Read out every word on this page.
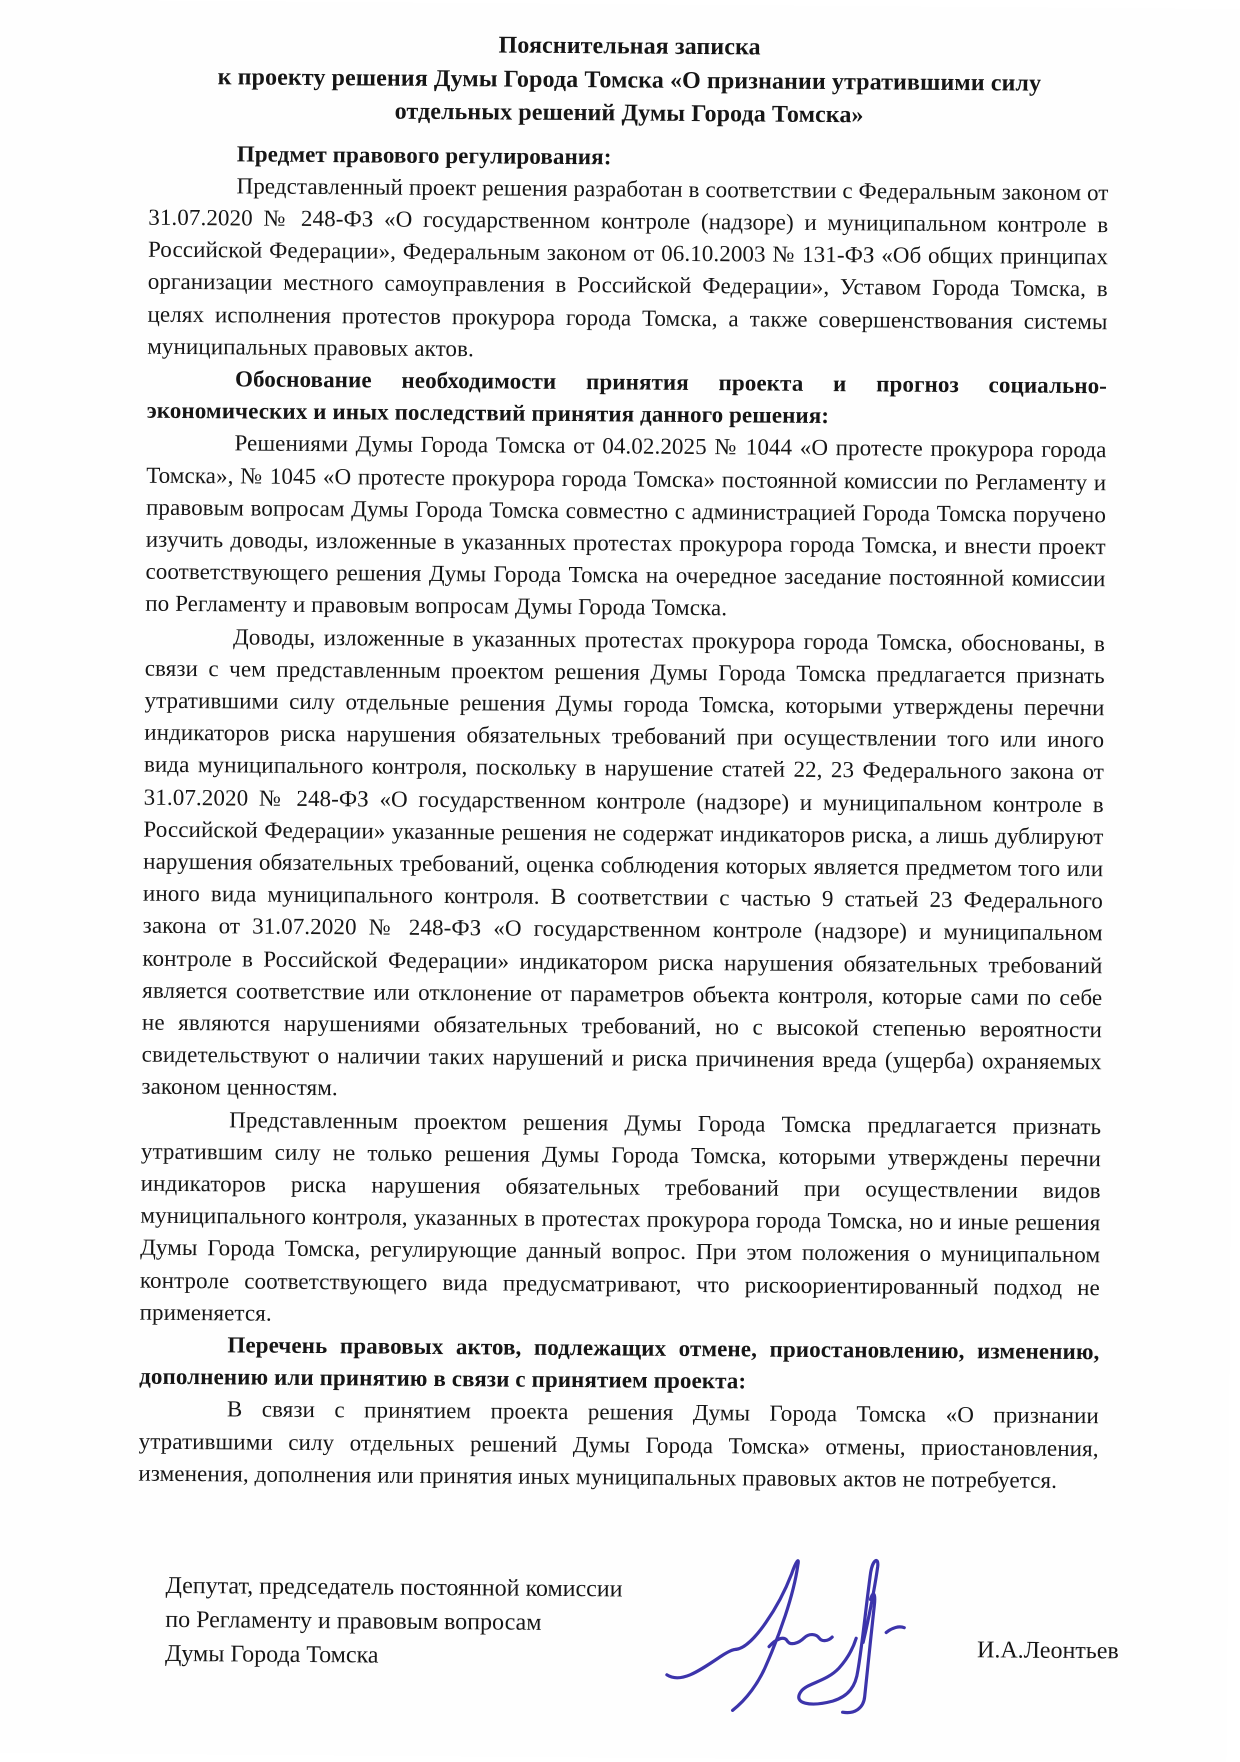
Пояснительная записка
к проекту решения Думы Города Томска «О признании утратившими силу отдельных решений Думы Города Томска»

Предмет правового регулирования:

Представленный проект решения разработан в соответствии с Федеральным законом от 31.07.2020 № 248-ФЗ «О государственном контроле (надзоре) и муниципальном контроле в Российской Федерации», Федеральным законом от 06.10.2003 № 131-ФЗ «Об общих принципах организации местного самоуправления в Российской Федерации», Уставом Города Томска, в целях исполнения протестов прокурора города Томска, а также совершенствования системы муниципальных правовых актов.

Обоснование необходимости принятия проекта и прогноз социально-экономических и иных последствий принятия данного решения:

Решениями Думы Города Томска от 04.02.2025 № 1044 «О протесте прокурора города Томска», № 1045 «О протесте прокурора города Томска» постоянной комиссии по Регламенту и правовым вопросам Думы Города Томска совместно с администрацией Города Томска поручено изучить доводы, изложенные в указанных протестах прокурора города Томска, и внести проект соответствующего решения Думы Города Томска на очередное заседание постоянной комиссии по Регламенту и правовым вопросам Думы Города Томска.

Доводы, изложенные в указанных протестах прокурора города Томска, обоснованы, в связи с чем представленным проектом решения Думы Города Томска предлагается признать утратившими силу отдельные решения Думы города Томска, которыми утверждены перечни индикаторов риска нарушения обязательных требований при осуществлении того или иного вида муниципального контроля, поскольку в нарушение статей 22, 23 Федерального закона от 31.07.2020 № 248-ФЗ «О государственном контроле (надзоре) и муниципальном контроле в Российской Федерации» указанные решения не содержат индикаторов риска, а лишь дублируют нарушения обязательных требований, оценка соблюдения которых является предметом того или иного вида муниципального контроля. В соответствии с частью 9 статьей 23 Федерального закона от 31.07.2020 № 248-ФЗ «О государственном контроле (надзоре) и муниципальном контроле в Российской Федерации» индикатором риска нарушения обязательных требований является соответствие или отклонение от параметров объекта контроля, которые сами по себе не являются нарушениями обязательных требований, но с высокой степенью вероятности свидетельствуют о наличии таких нарушений и риска причинения вреда (ущерба) охраняемых законом ценностям.

Представленным проектом решения Думы Города Томска предлагается признать утратившим силу не только решения Думы Города Томска, которыми утверждены перечни индикаторов риска нарушения обязательных требований при осуществлении видов муниципального контроля, указанных в протестах прокурора города Томска, но и иные решения Думы Города Томска, регулирующие данный вопрос. При этом положения о муниципальном контроле соответствующего вида предусматривают, что рискоориентированный подход не применяется.

Перечень правовых актов, подлежащих отмене, приостановлению, изменению, дополнению или принятию в связи с принятием проекта:

В связи с принятием проекта решения Думы Города Томска «О признании утратившими силу отдельных решений Думы Города Томска» отмены, приостановления, изменения, дополнения или принятия иных муниципальных правовых актов не потребуется.

Депутат, председатель постоянной комиссии
по Регламенту и правовым вопросам
Думы Города Томска	И.А.Леонтьев
